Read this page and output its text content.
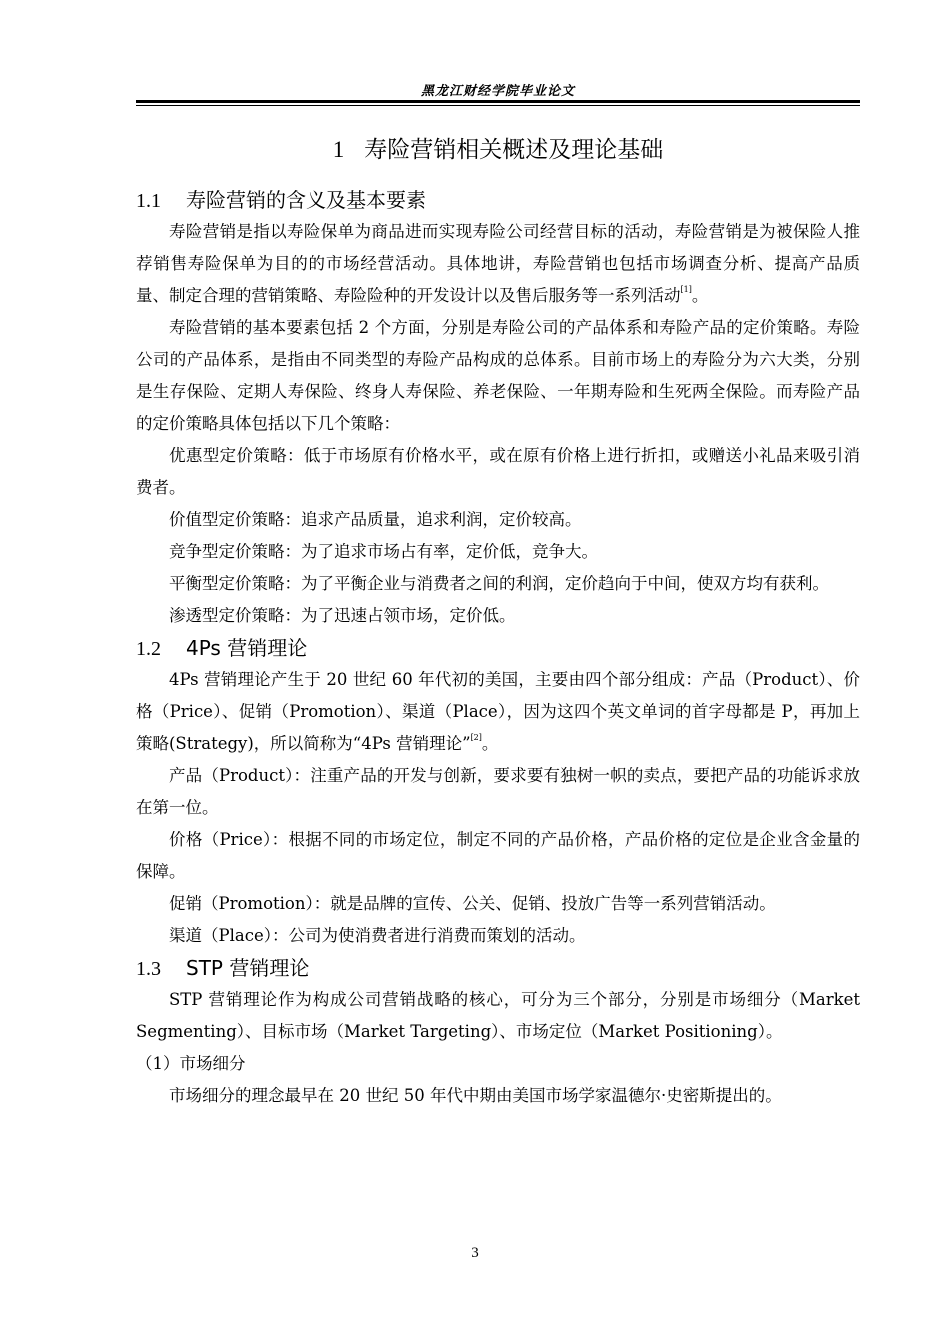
黑龙江财经学院毕业论文
1 寿险营销相关概述及理论基础
1.1 寿险营销的含义及基本要素

寿险营销是指以寿险保单为商品进而实现寿险公司经营目标的活动，寿险营销是为被保险人推荐销售寿险保单为目的的市场经营活动。具体地讲，寿险营销也包括市场调查分析、提高产品质量、制定合理的营销策略、寿险险种的开发设计以及售后服务等一系列活动[1]。

寿险营销的基本要素包括 2 个方面，分别是寿险公司的产品体系和寿险产品的定价策略。寿险公司的产品体系，是指由不同类型的寿险产品构成的总体系。目前市场上的寿险分为六大类，分别是生存保险、定期人寿保险、终身人寿保险、养老保险、一年期寿险和生死两全保险。而寿险产品的定价策略具体包括以下几个策略：

优惠型定价策略：低于市场原有价格水平，或在原有价格上进行折扣，或赠送小礼品来吸引消费者。

价值型定价策略：追求产品质量，追求利润，定价较高。

竞争型定价策略：为了追求市场占有率，定价低，竞争大。

平衡型定价策略：为了平衡企业与消费者之间的利润，定价趋向于中间，使双方均有获利。

渗透型定价策略：为了迅速占领市场，定价低。

1.2 4Ps 营销理论

4Ps 营销理论产生于 20 世纪 60 年代初的美国，主要由四个部分组成：产品（Product）、价格（Price）、促销（Promotion）、渠道（Place），因为这四个英文单词的首字母都是 P，再加上策略(Strategy)，所以简称为“4Ps 营销理论”[2]。

产品（Product）：注重产品的开发与创新，要求要有独树一帜的卖点，要把产品的功能诉求放在第一位。

价格（Price）：根据不同的市场定位，制定不同的产品价格，产品价格的定位是企业含金量的保障。

促销（Promotion）：就是品牌的宣传、公关、促销、投放广告等一系列营销活动。

渠道（Place）：公司为使消费者进行消费而策划的活动。

1.3 STP 营销理论

STP 营销理论作为构成公司营销战略的核心，可分为三个部分，分别是市场细分（Market Segmenting）、目标市场（Market Targeting）、市场定位（Market Positioning）。

（1）市场细分

市场细分的理念最早在 20 世纪 50 年代中期由美国市场学家温德尔·史密斯提出的。

3
